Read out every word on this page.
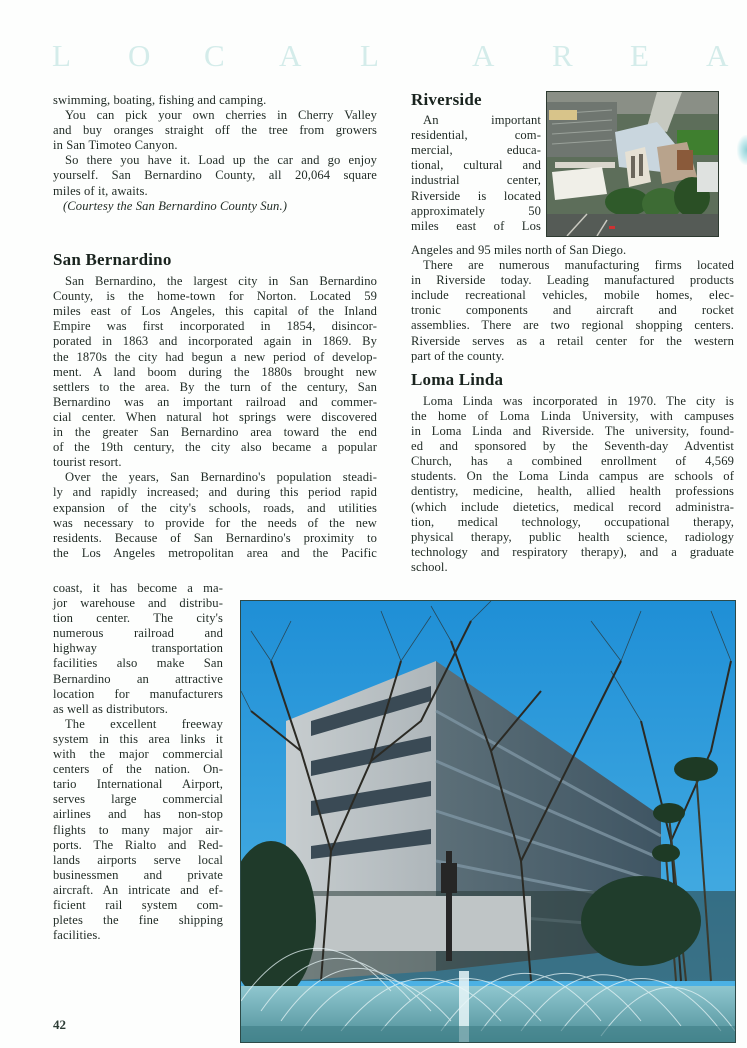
L O C A L	A R E A
swimming, boating, fishing and camping.
You can pick your own cherries in Cherry Valley
and buy oranges straight off the tree from growers
in San Timoteo Canyon.
So there you have it. Load up the car and go enjoy
yourself. San Bernardino County, all 20,064 square
miles of it, awaits.
(Courtesy the San Bernardino County Sun.)
San Bernardino
San Bernardino, the largest city in San Bernardino
County, is the home-town for Norton. Located 59
miles east of Los Angeles, this capital of the Inland
Empire was first incorporated in 1854, disincor-
porated in 1863 and incorporated again in 1869. By
the 1870s the city had begun a new period of develop-
ment. A land boom during the 1880s brought new
settlers to the area. By the turn of the century, San
Bernardino was an important railroad and commer-
cial center. When natural hot springs were discovered
in the greater San Bernardino area toward the end
of the 19th century, the city also became a popular
tourist resort.
Over the years, San Bernardino's population steadi-
ly and rapidly increased; and during this period rapid
expansion of the city's schools, roads, and utilities
was necessary to provide for the needs of the new
residents. Because of San Bernardino's proximity to
the Los Angeles metropolitan area and the Pacific
coast, it has become a ma-
jor warehouse and distribu-
tion center. The city's
numerous railroad and
highway transportation
facilities also make San
Bernardino an attractive
location for manufacturers
as well as distributors.
The excellent freeway
system in this area links it
with the major commercial
centers of the nation. On-
tario International Airport,
serves large commercial
airlines and has non-stop
flights to many major air-
ports. The Rialto and Red-
lands airports serve local
businessmen and private
aircraft. An intricate and ef-
ficient rail system com-
pletes the fine shipping
facilities.
Riverside
An important
residential, com-
mercial, educa-
tional, cultural and
industrial center,
Riverside is located
approximately 50
miles east of Los
Angeles and 95 miles north of San Diego.
There are numerous manufacturing firms located
in Riverside today. Leading manufactured products
include recreational vehicles, mobile homes, elec-
tronic components and aircraft and rocket
assemblies. There are two regional shopping centers.
Riverside serves as a retail center for the western
part of the county.
Loma Linda
Loma Linda was incorporated in 1970. The city is
the home of Loma Linda University, with campuses
in Loma Linda and Riverside. The university, found-
ed and sponsored by the Seventh-day Adventist
Church, has a combined enrollment of 4,569
students. On the Loma Linda campus are schools of
dentistry, medicine, health, allied health professions
(which include dietetics, medical record administra-
tion, medical technology, occupational therapy,
physical therapy, public health science, radiology
technology and respiratory therapy), and a graduate
school.
42
